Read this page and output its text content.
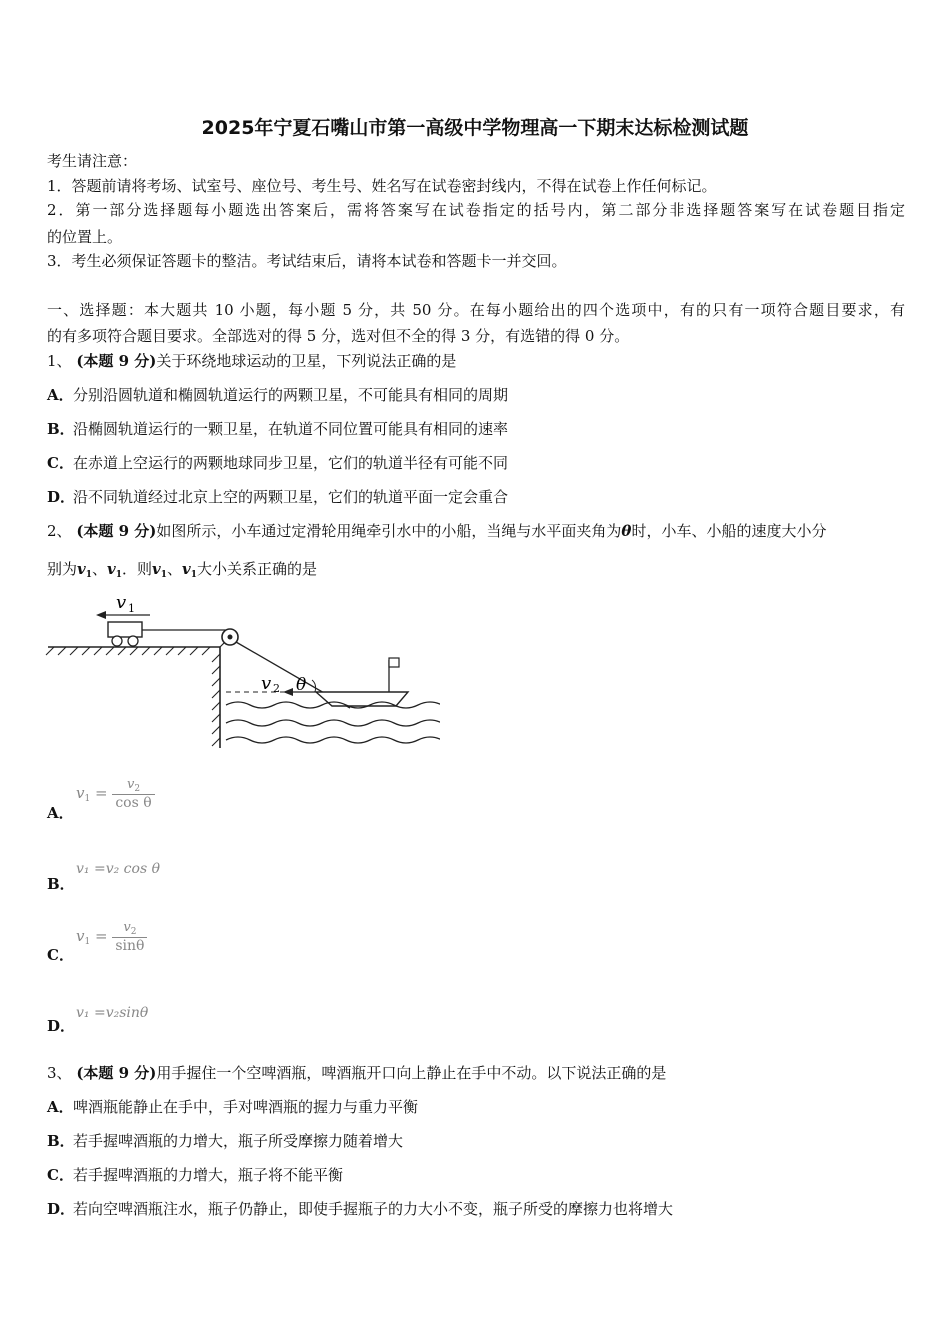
2025年宁夏石嘴山市第一高级中学物理高一下期末达标检测试题
考生请注意：
1．答题前请将考场、试室号、座位号、考生号、姓名写在试卷密封线内，不得在试卷上作任何标记。
2．第一部分选择题每小题选出答案后，需将答案写在试卷指定的括号内，第二部分非选择题答案写在试卷题目指定
的位置上。
3．考生必须保证答题卡的整洁。考试结束后，请将本试卷和答题卡一并交回。
一、选择题：本大题共 10 小题，每小题 5 分，共 50 分。在每小题给出的四个选项中，有的只有一项符合题目要求，有
的有多项符合题目要求。全部选对的得 5 分，选对但不全的得 3 分，有选错的得 0 分。
1、 (本题 9 分)关于环绕地球运动的卫星，下列说法正确的是
A．分别沿圆轨道和椭圆轨道运行的两颗卫星，不可能具有相同的周期
B．沿椭圆轨道运行的一颗卫星，在轨道不同位置可能具有相同的速率
C．在赤道上空运行的两颗地球同步卫星，它们的轨道半径有可能不同
D．沿不同轨道经过北京上空的两颗卫星，它们的轨道平面一定会重合
2、 (本题 9 分)如图所示，小车通过定滑轮用绳牵引水中的小船，当绳与水平面夹角为θ时，小车、小船的速度大小分
别为$v_1$、$v_1$．则$v_1$、$v_1$大小关系正确的是
v 1
v 2 θ
A．
$v_1 = \frac{v_2}{\text{cos θ}}$
B．
v₁ =v₂ cos θ
C．
$v_1 = \frac{v_2}{\sin\theta}$
D．
v₁ =v₂sinθ
3、 (本题 9 分)用手握住一个空啤酒瓶，啤酒瓶开口向上静止在手中不动。以下说法正确的是
A．啤酒瓶能静止在手中，手对啤酒瓶的握力与重力平衡
B．若手握啤酒瓶的力增大，瓶子所受摩擦力随着增大
C．若手握啤酒瓶的力增大，瓶子将不能平衡
D．若向空啤酒瓶注水，瓶子仍静止，即使手握瓶子的力大小不变，瓶子所受的摩擦力也将增大
